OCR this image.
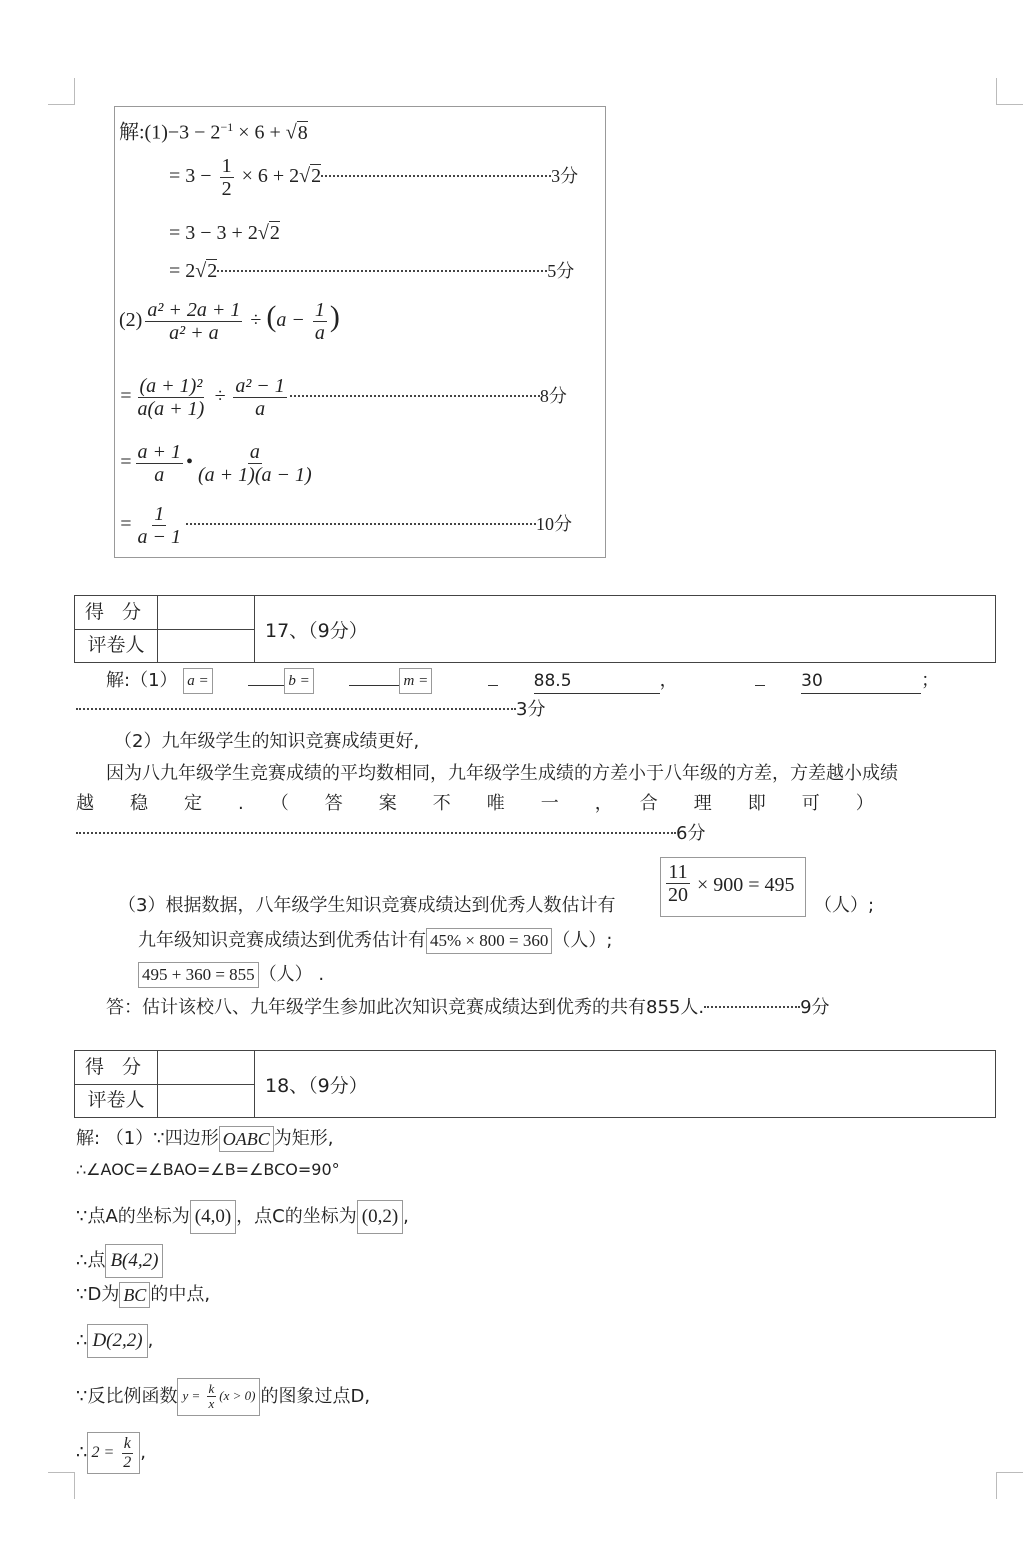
解:(1)−3 − $2^{-1} \times 6 + √8$
= $3 - \frac{1}{2} \times 6 + 2√2$	3分
= 3 − 3 + 2√2
= 2√2	5分
$(2) \frac{\text{a² + 2a + 1}}{\text{a² + a}} \div (a - \frac{1}{a}$ )
= $\frac{\text{(a + 1)²}}{a(a + 1)} \div \frac{\text{a² − 1}}{a}$	8分
= $\frac{a + 1}{a}$ • $\frac{a}{(a + 1)(a - 1)}$
= $\frac{1}{a - 1}$	10分
得 分
评卷人
17、（9分）
解:（1） a =	b =	m =	88.5	，	30	；
3分
（2）九年级学生的知识竞赛成绩更好,
因为八九年级学生竞赛成绩的平均数相同，九年级学生成绩的方差小于八年级的方差，方差越小成绩
越　　稳　　定　　.　　（　　答　　案　　不　　唯　　一　　，　　合　　理　　即　　可　　）
6分
（3）根据数据，八年级学生知识竞赛成绩达到优秀人数估计有	$\frac{11}{20} \times 900 = 495$
（人）;
九年级知识竞赛成绩达到优秀估计有 45% × 800 = 360 （人）;
495 + 360 = 855 （人） .
答：估计该校八、九年级学生参加此次知识竞赛成绩达到优秀的共有855人.	9分
得 分
评卷人
18、（9分）
解: （1）∵四边形 OABC 为矩形,
∴∠AOC=∠BAO=∠B=∠BCO=90°
∵点A的坐标为 (4,0) ，点C的坐标为 (0,2) ,
∴点 B(4,2)
∵D为 BC 的中点,
∴ D(2,2) ,
∵反比例函数 $y = \frac{k}{x} (x > 0)$ 的图象过点D,
∴ $2 = \frac{k}{2}$ ,
